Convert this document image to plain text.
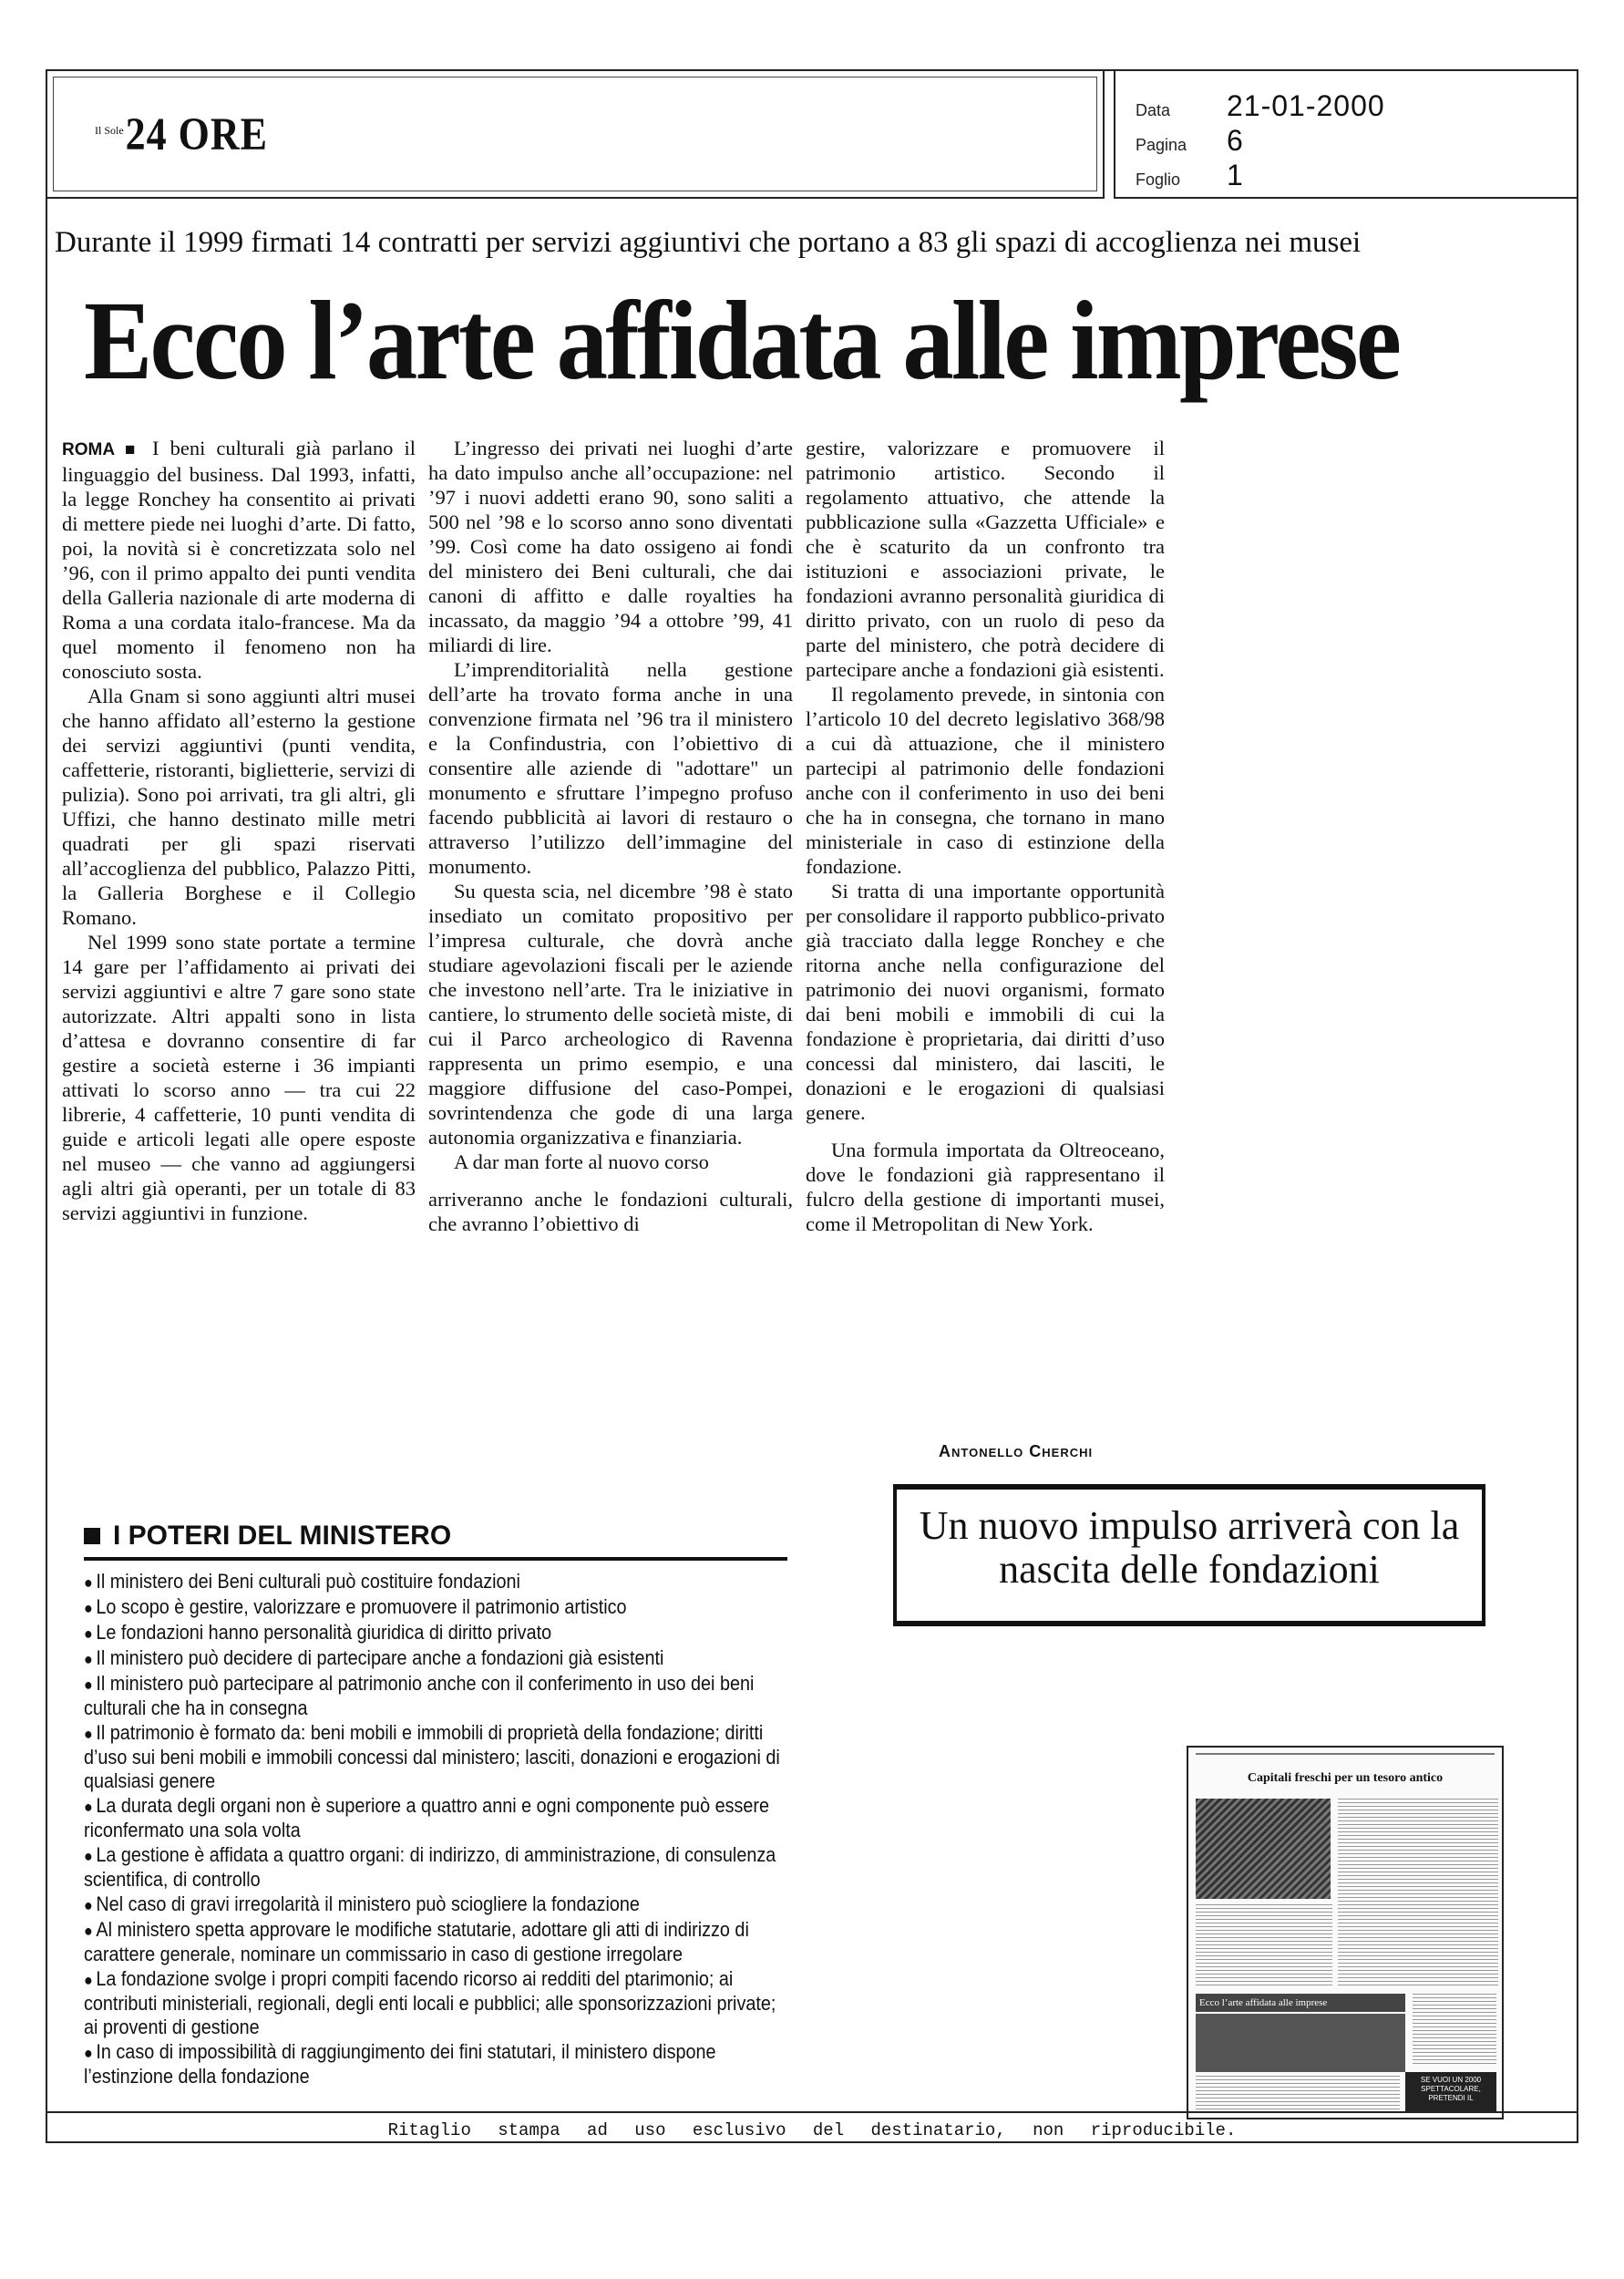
Il Sole 24 ORE	Data	21-01-2000
Pagina	6
Foglio	1
Durante il 1999 firmati 14 contratti per servizi aggiuntivi che portano a 83 gli spazi di accoglienza nei musei
Ecco l’arte affidata alle imprese

ROMA ■ I beni culturali già parlano il linguaggio del business. Dal 1993, infatti, la legge Ronchey ha consentito ai privati di mettere piede nei luoghi d’arte. Di fatto, poi, la novità si è concretizzata solo nel ’96, con il primo appalto dei punti vendita della Galleria nazionale di arte moderna di Roma a una cordata italo-francese. Ma da quel momento il fenomeno non ha conosciuto sosta.

Alla Gnam si sono aggiunti altri musei che hanno affidato all’esterno la gestione dei servizi aggiuntivi (punti vendita, caffetterie, ristoranti, biglietterie, servizi di pulizia). Sono poi arrivati, tra gli altri, gli Uffizi, che hanno destinato mille metri quadrati per gli spazi riservati all’accoglienza del pubblico, Palazzo Pitti, la Galleria Borghese e il Collegio Romano.

Nel 1999 sono state portate a termine 14 gare per l’affidamento ai privati dei servizi aggiuntivi e altre 7 gare sono state autorizzate. Altri appalti sono in lista d’attesa e dovranno consentire di far gestire a società esterne i 36 impianti attivati lo scorso anno — tra cui 22 librerie, 4 caffetterie, 10 punti vendita di guide e articoli legati alle opere esposte nel museo — che vanno ad aggiungersi agli altri già operanti, per un totale di 83 servizi aggiuntivi in funzione.

L’ingresso dei privati nei luoghi d’arte ha dato impulso anche all’occupazione: nel ’97 i nuovi addetti erano 90, sono saliti a 500 nel ’98 e lo scorso anno sono diventati ’99. Così come ha dato ossigeno ai fondi del ministero dei Beni culturali, che dai canoni di affitto e dalle royalties ha incassato, da maggio ’94 a ottobre ’99, 41 miliardi di lire.

L’imprenditorialità nella gestione dell’arte ha trovato forma anche in una convenzione firmata nel ’96 tra il ministero e la Confindustria, con l’obiettivo di consentire alle aziende di "adottare" un monumento e sfruttare l’impegno profuso facendo pubblicità ai lavori di restauro o attraverso l’utilizzo dell’immagine del monumento.

Su questa scia, nel dicembre ’98 è stato insediato un comitato propositivo per l’impresa culturale, che dovrà anche studiare agevolazioni fiscali per le aziende che investono nell’arte. Tra le iniziative in cantiere, lo strumento delle società miste, di cui il Parco archeologico di Ravenna rappresenta un primo esempio, e una maggiore diffusione del caso-Pompei, sovrintendenza che gode di una larga autonomia organizzativa e finanziaria.

A dar man forte al nuovo corso

arriveranno anche le fondazioni culturali, che avranno l’obiettivo di

gestire, valorizzare e promuovere il patrimonio artistico. Secondo il regolamento attuativo, che attende la pubblicazione sulla «Gazzetta Ufficiale» e che è scaturito da un confronto tra istituzioni e associazioni private, le fondazioni avranno personalità giuridica di diritto privato, con un ruolo di peso da parte del ministero, che potrà decidere di partecipare anche a fondazioni già esistenti.

Il regolamento prevede, in sintonia con l’articolo 10 del decreto legislativo 368/98 a cui dà attuazione, che il ministero partecipi al patrimonio delle fondazioni anche con il conferimento in uso dei beni che ha in consegna, che tornano in mano ministeriale in caso di estinzione della fondazione.

Si tratta di una importante opportunità per consolidare il rapporto pubblico-privato già tracciato dalla legge Ronchey e che ritorna anche nella configurazione del patrimonio dei nuovi organismi, formato dai beni mobili e immobili di cui la fondazione è proprietaria, dai diritti d’uso concessi dal ministero, dai lasciti, le donazioni e le erogazioni di qualsiasi genere.

Una formula importata da Oltreoceano, dove le fondazioni già rappresentano il fulcro della gestione di importanti musei, come il Metropolitan di New York.

Antonello Cherchi
I POTERI DEL MINISTERO
● Il ministero dei Beni culturali può costituire fondazioni
● Lo scopo è gestire, valorizzare e promuovere il patrimonio artistico
● Le fondazioni hanno personalità giuridica di diritto privato
● Il ministero può decidere di partecipare anche a fondazioni già esistenti
● Il ministero può partecipare al patrimonio anche con il conferimento in uso dei beni culturali che ha in consegna
● Il patrimonio è formato da: beni mobili e immobili di proprietà della fondazione; diritti d’uso sui beni mobili e immobili concessi dal ministero; lasciti, donazioni e erogazioni di qualsiasi genere
● La durata degli organi non è superiore a quattro anni e ogni componente può essere riconfermato una sola volta
● La gestione è affidata a quattro organi: di indirizzo, di amministrazione, di consulenza scientifica, di controllo
● Nel caso di gravi irregolarità il ministero può sciogliere la fondazione
● Al ministero spetta approvare le modifiche statutarie, adottare gli atti di indirizzo di carattere generale, nominare un commissario in caso di gestione irregolare
● La fondazione svolge i propri compiti facendo ricorso ai redditi del ptarimonio; ai contributi ministeriali, regionali, degli enti locali e pubblici; alle sponsorizzazioni private; ai proventi di gestione
● In caso di impossibilità di raggiungimento dei fini statutari, il ministero dispone l’estinzione della fondazione
Un nuovo impulso arriverà con la nascita delle fondazioni
Capitali freschi per un tesoro antico
Ecco l’arte affidata alle imprese
SE VUOI UN 2000 SPETTACOLARE, PRETENDI IL
Ritaglio stampa ad uso esclusivo del destinatario, non riproducibile.
